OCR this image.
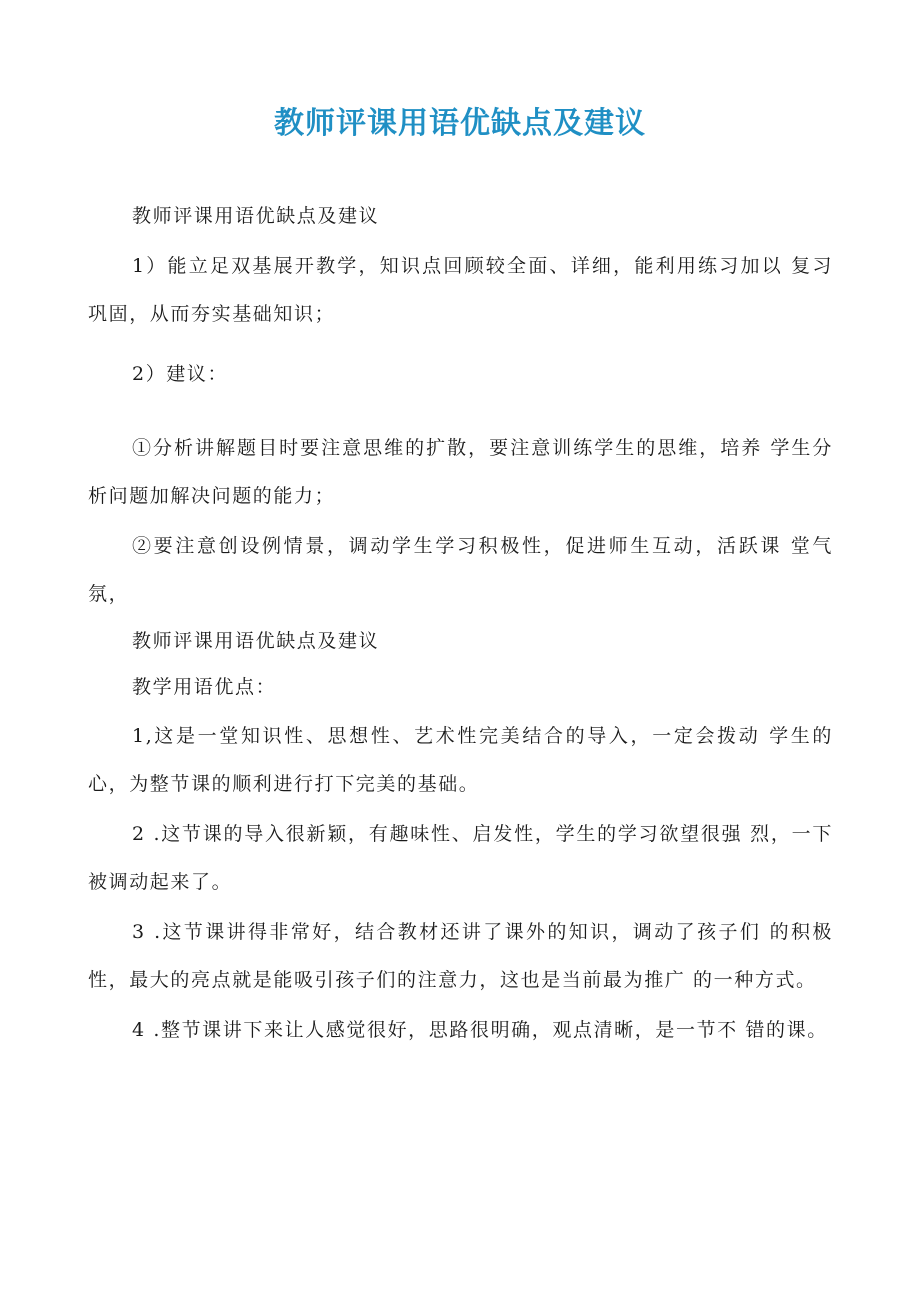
教师评课用语优缺点及建议

教师评课用语优缺点及建议

1）能立足双基展开教学，知识点回顾较全面、详细，能利用练习加以 复习巩固，从而夯实基础知识；

2）建议：

①分析讲解题目时要注意思维的扩散，要注意训练学生的思维，培养 学生分析问题加解决问题的能力；

②要注意创设例情景，调动学生学习积极性，促进师生互动，活跃课 堂气氛，

教师评课用语优缺点及建议

教学用语优点：

1,这是一堂知识性、思想性、艺术性完美结合的导入，一定会拨动 学生的心，为整节课的顺利进行打下完美的基础。

2 .这节课的导入很新颖，有趣味性、启发性，学生的学习欲望很强 烈，一下被调动起来了。

3 .这节课讲得非常好，结合教材还讲了课外的知识，调动了孩子们 的积极性，最大的亮点就是能吸引孩子们的注意力，这也是当前最为推广 的一种方式。

4 .整节课讲下来让人感觉很好，思路很明确，观点清晰，是一节不 错的课。
